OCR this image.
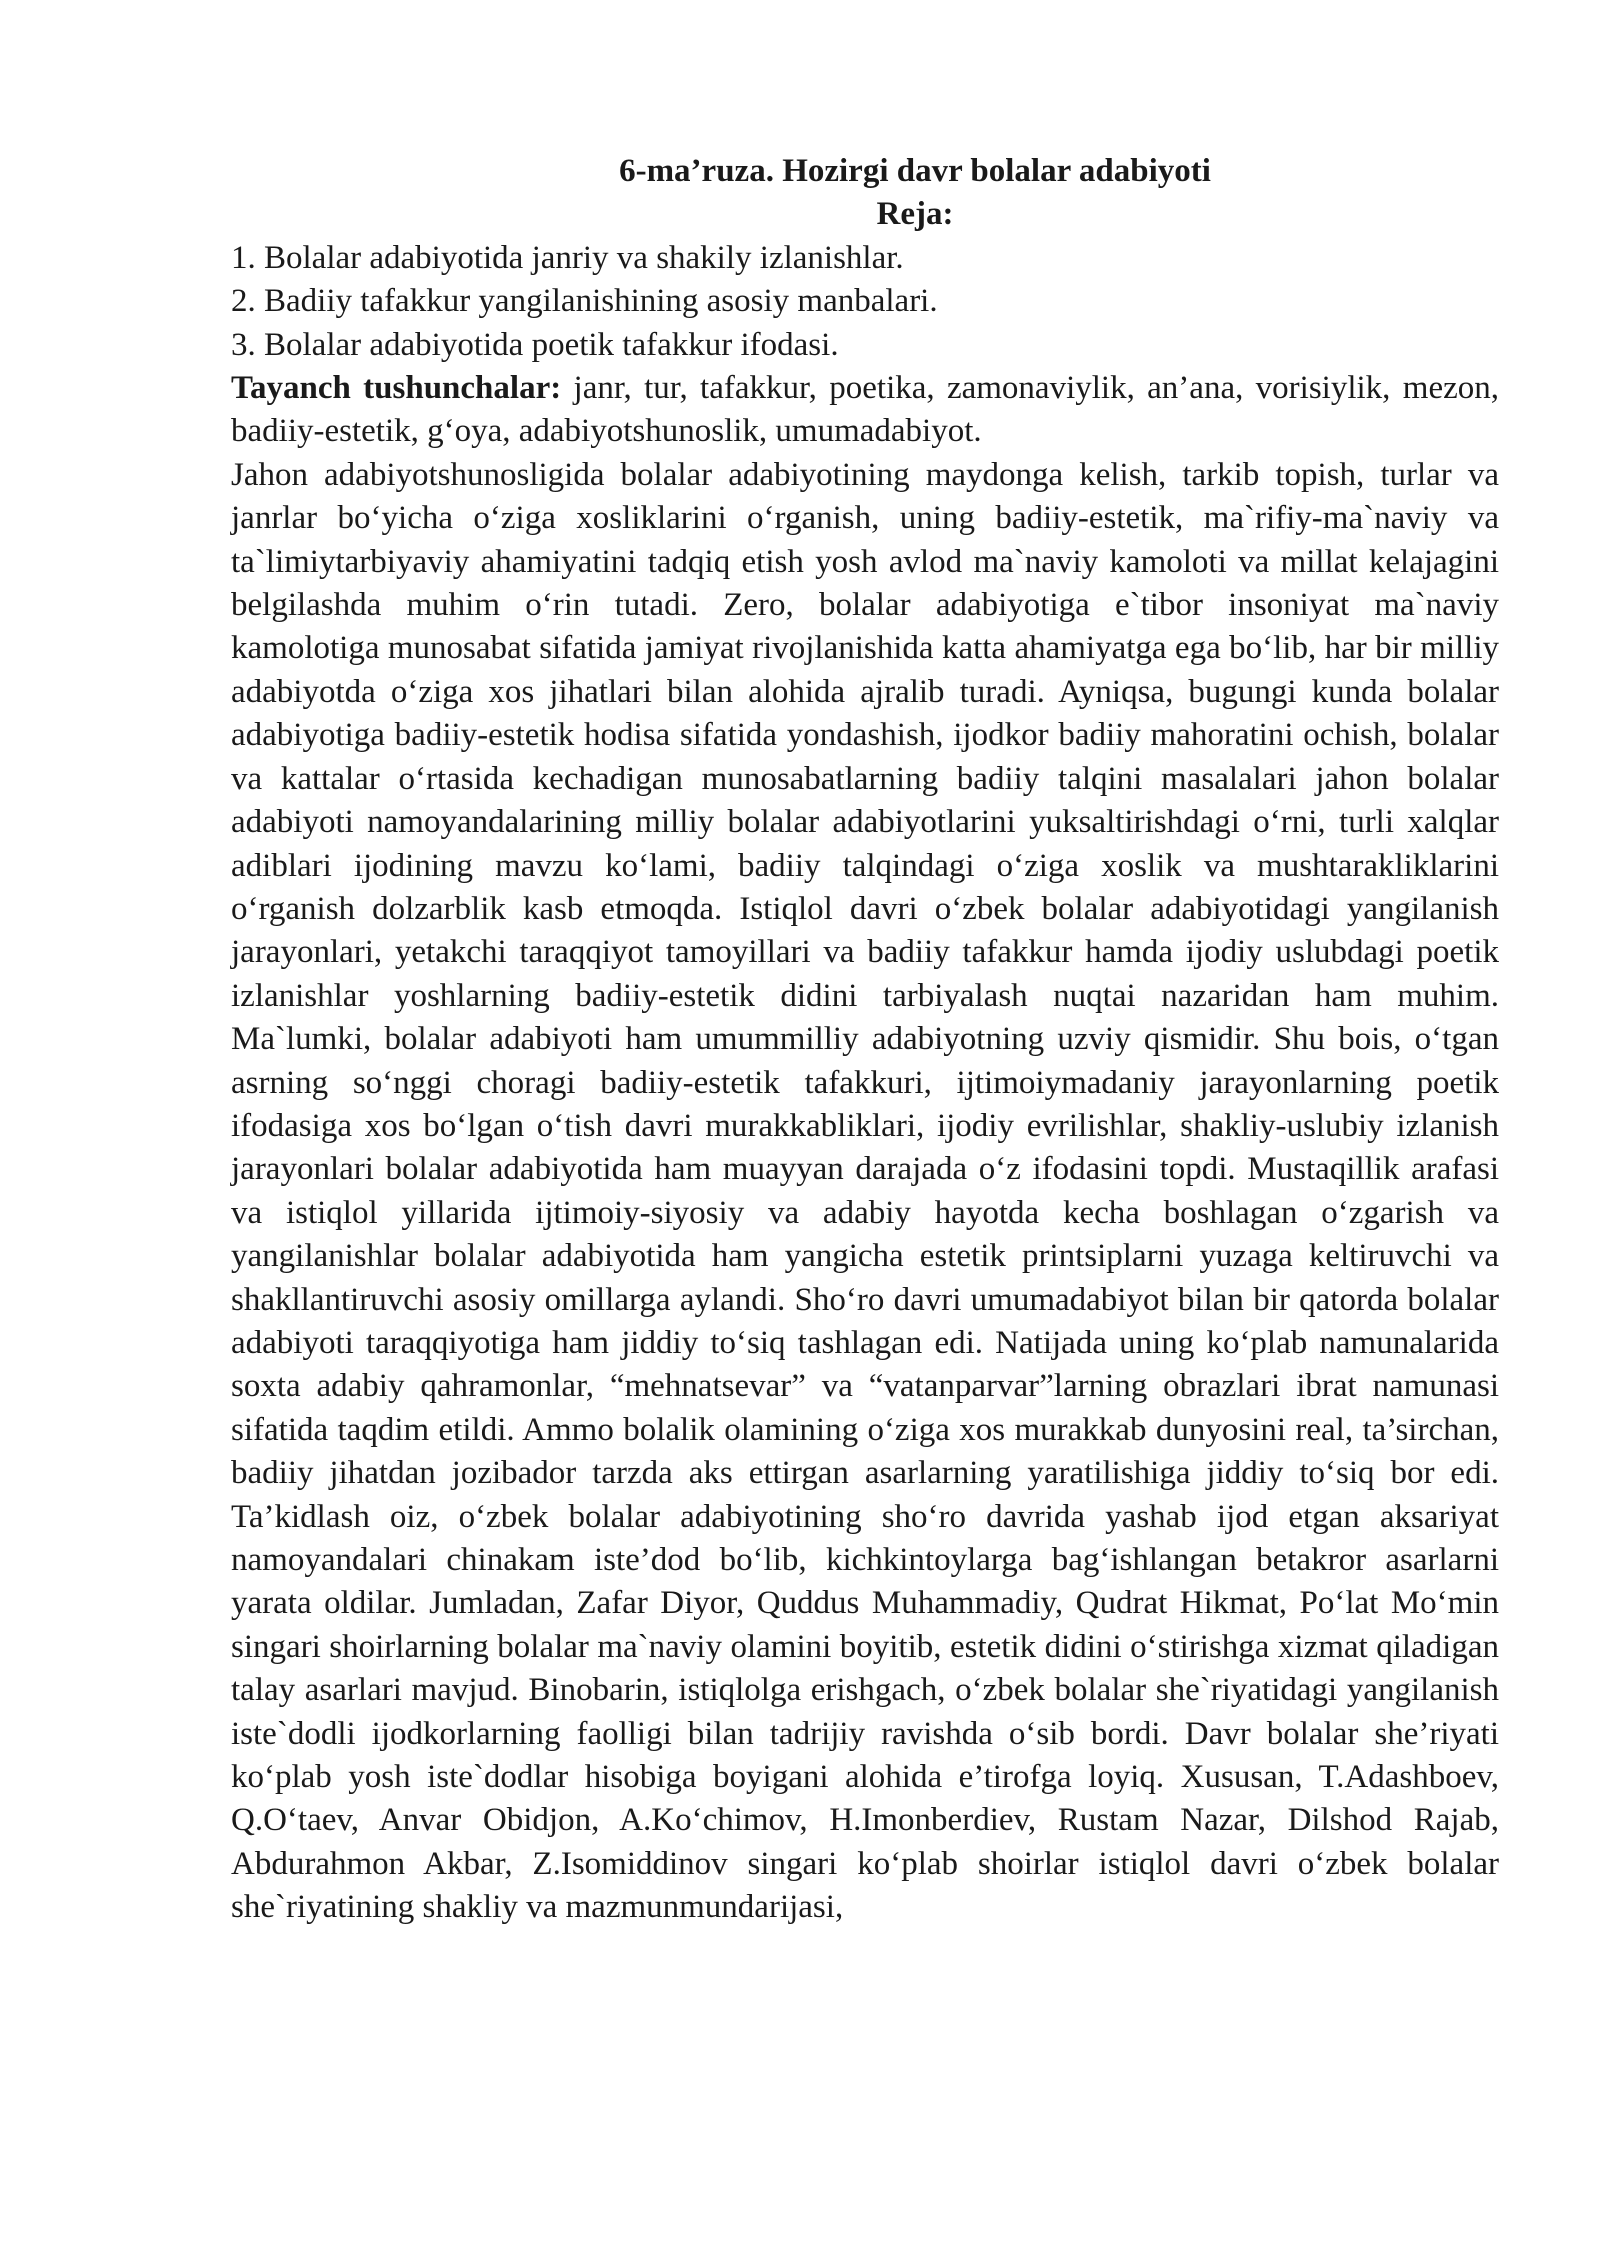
6-ma’ruza. Hozirgi davr bolalar adabiyoti

Reja:

1. Bolalar adabiyotida janriy va shakily izlanishlar.

2. Badiiy tafakkur yangilanishining asosiy manbalari.

3. Bolalar adabiyotida poetik tafakkur ifodasi.

Tayanch tushunchalar: janr, tur, tafakkur, poetika, zamonaviylik, an’ana, vorisiylik, mezon, badiiy-estetik, g‘oya, adabiyotshunoslik, umumadabiyot.

Jahon adabiyotshunosligida bolalar adabiyotining maydonga kelish, tarkib topish, turlar va janrlar bo‘yicha o‘ziga xosliklarini o‘rganish, uning badiiy-estetik, ma`rifiy-ma`naviy va ta`limiytarbiyaviy ahamiyatini tadqiq etish yosh avlod ma`naviy kamoloti va millat kelajagini belgilashda muhim o‘rin tutadi. Zero, bolalar adabiyotiga e`tibor insoniyat ma`naviy kamolotiga munosabat sifatida jamiyat rivojlanishida katta ahamiyatga ega bo‘lib, har bir milliy adabiyotda o‘ziga xos jihatlari bilan alohida ajralib turadi. Ayniqsa, bugungi kunda bolalar adabiyotiga badiiy-estetik hodisa sifatida yondashish, ijodkor badiiy mahoratini ochish, bolalar va kattalar o‘rtasida kechadigan munosabatlarning badiiy talqini masalalari jahon bolalar adabiyoti namoyandalarining milliy bolalar adabiyotlarini yuksaltirishdagi o‘rni, turli xalqlar adiblari ijodining mavzu ko‘lami, badiiy talqindagi o‘ziga xoslik va mushtarakliklarini o‘rganish dolzarblik kasb etmoqda. Istiqlol davri o‘zbek bolalar adabiyotidagi yangilanish jarayonlari, yetakchi taraqqiyot tamoyillari va badiiy tafakkur hamda ijodiy uslubdagi poetik izlanishlar yoshlarning badiiy-estetik didini tarbiyalash nuqtai nazaridan ham muhim. Ma`lumki, bolalar adabiyoti ham umummilliy adabiyotning uzviy qismidir. Shu bois, o‘tgan asrning so‘nggi choragi badiiy-estetik tafakkuri, ijtimoiymadaniy jarayonlarning poetik ifodasiga xos bo‘lgan o‘tish davri murakkabliklari, ijodiy evrilishlar, shakliy-uslubiy izlanish jarayonlari bolalar adabiyotida ham muayyan darajada o‘z ifodasini topdi. Mustaqillik arafasi va istiqlol yillarida ijtimoiy-siyosiy va adabiy hayotda kecha boshlagan o‘zgarish va yangilanishlar bolalar adabiyotida ham yangicha estetik printsiplarni yuzaga keltiruvchi va shakllantiruvchi asosiy omillarga aylandi. Sho‘ro davri umumadabiyot bilan bir qatorda bolalar adabiyoti taraqqiyotiga ham jiddiy to‘siq tashlagan edi. Natijada uning ko‘plab namunalarida soxta adabiy qahramonlar, “mehnatsevar” va “vatanparvar”larning obrazlari ibrat namunasi sifatida taqdim etildi. Ammo bolalik olamining o‘ziga xos murakkab dunyosini real, ta’sirchan, badiiy jihatdan jozibador tarzda aks ettirgan asarlarning yaratilishiga jiddiy to‘siq bor edi. Ta’kidlash oiz, o‘zbek bolalar adabiyotining sho‘ro davrida yashab ijod etgan aksariyat namoyandalari chinakam iste’dod bo‘lib, kichkintoylarga bag‘ishlangan betakror asarlarni yarata oldilar. Jumladan, Zafar Diyor, Quddus Muhammadiy, Qudrat Hikmat, Po‘lat Mo‘min singari shoirlarning bolalar ma`naviy olamini boyitib, estetik didini o‘stirishga xizmat qiladigan talay asarlari mavjud. Binobarin, istiqlolga erishgach, o‘zbek bolalar she`riyatidagi yangilanish iste`dodli ijodkorlarning faolligi bilan tadrijiy ravishda o‘sib bordi. Davr bolalar she’riyati ko‘plab yosh iste`dodlar hisobiga boyigani alohida e’tirofga loyiq. Xususan, T.Adashboev, Q.O‘taev, Anvar Obidjon, A.Ko‘chimov, H.Imonberdiev, Rustam Nazar, Dilshod Rajab, Abdurahmon Akbar, Z.Isomiddinov singari ko‘plab shoirlar istiqlol davri o‘zbek bolalar she`riyatining shakliy va mazmunmundarijasi,
